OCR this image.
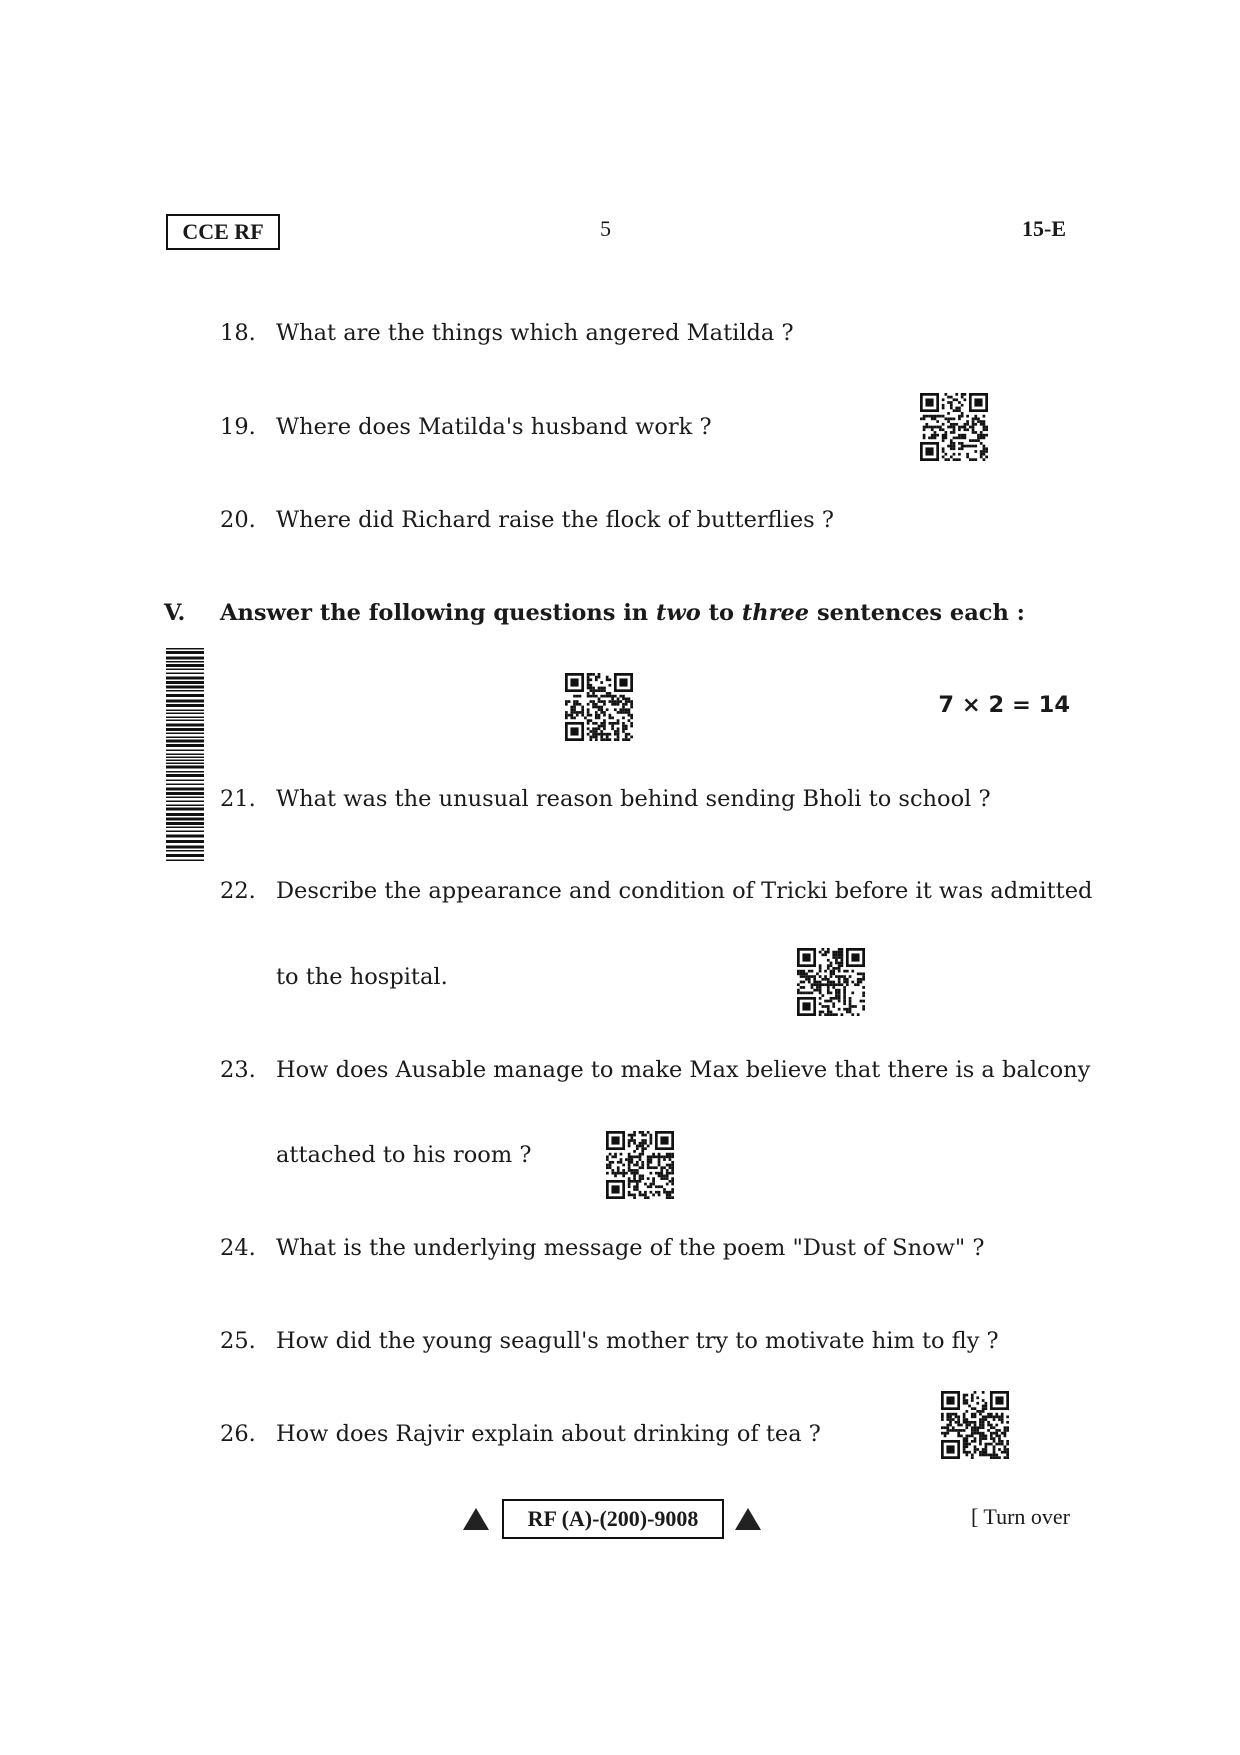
CCE RF	5	15-E
18. What are the things which angered Matilda ?
19. Where does Matilda's husband work ?
20. Where did Richard raise the flock of butterflies ?
V. Answer the following questions in two to three sentences each :
7 × 2 = 14
21. What was the unusual reason behind sending Bholi to school ?
22. Describe the appearance and condition of Tricki before it was admitted
to the hospital.
23. How does Ausable manage to make Max believe that there is a balcony
attached to his room ?
24. What is the underlying message of the poem "Dust of Snow" ?
25. How did the young seagull's mother try to motivate him to fly ?
26. How does Rajvir explain about drinking of tea ?
RF (A)-(200)-9008	[ Turn over
